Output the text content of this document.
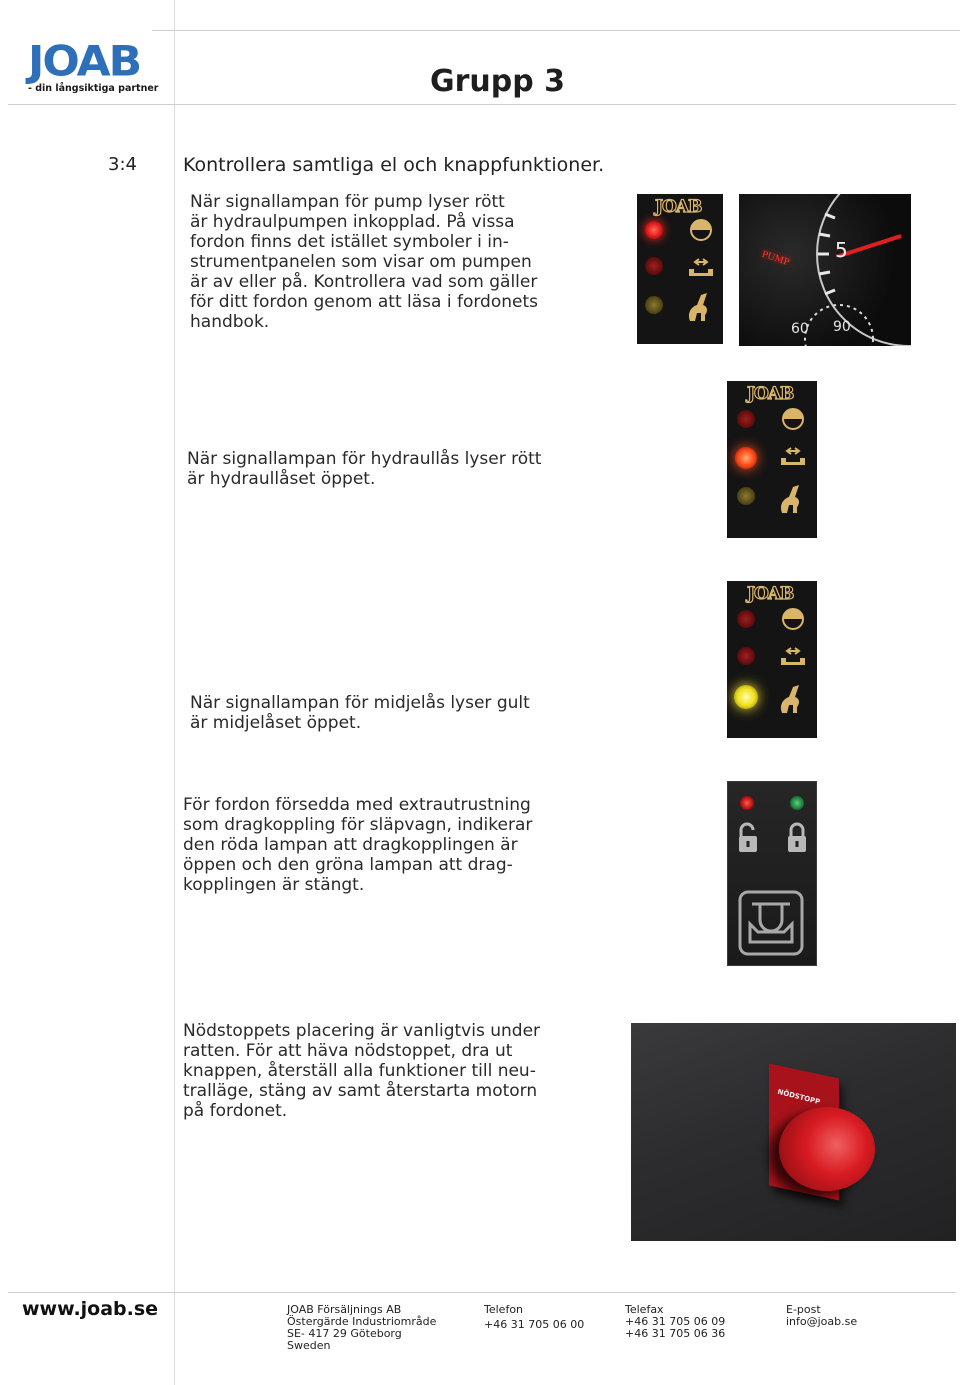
JOAB
- din långsiktiga partner	Grupp 3
3:4 Kontrollera samtliga el och knappfunktioner.
När signallampan för pump lyser rött
är hydraulpumpen inkopplad. På vissa
fordon finns det istället symboler i in-
strumentpanelen som visar om pumpen
är av eller på. Kontrollera vad som gäller
för ditt fordon genom att läsa i fordonets
handbok.
När signallampan för hydraullås lyser rött
är hydraullåset öppet.
När signallampan för midjelås lyser gult
är midjelåset öppet.
För fordon försedda med extrautrustning
som dragkoppling för släpvagn, indikerar
den röda lampan att dragkopplingen är
öppen och den gröna lampan att drag-
kopplingen är stängt.
Nödstoppets placering är vanligtvis under
ratten. För att häva nödstoppet, dra ut
knappen, återställ alla funktioner till neu-
tralläge, stäng av samt återstarta motorn
på fordonet.
JOAB
PUMP 5
60 90
JOAB
JOAB
NÖDSTOPP
www.joab.se	JOAB Försäljnings AB
Östergärde Industriområde
SE- 417 29 Göteborg
Sweden
Telefon
+46 31 705 06 00
Telefax
+46 31 705 06 09
+46 31 705 06 36
E-post
info@joab.se
